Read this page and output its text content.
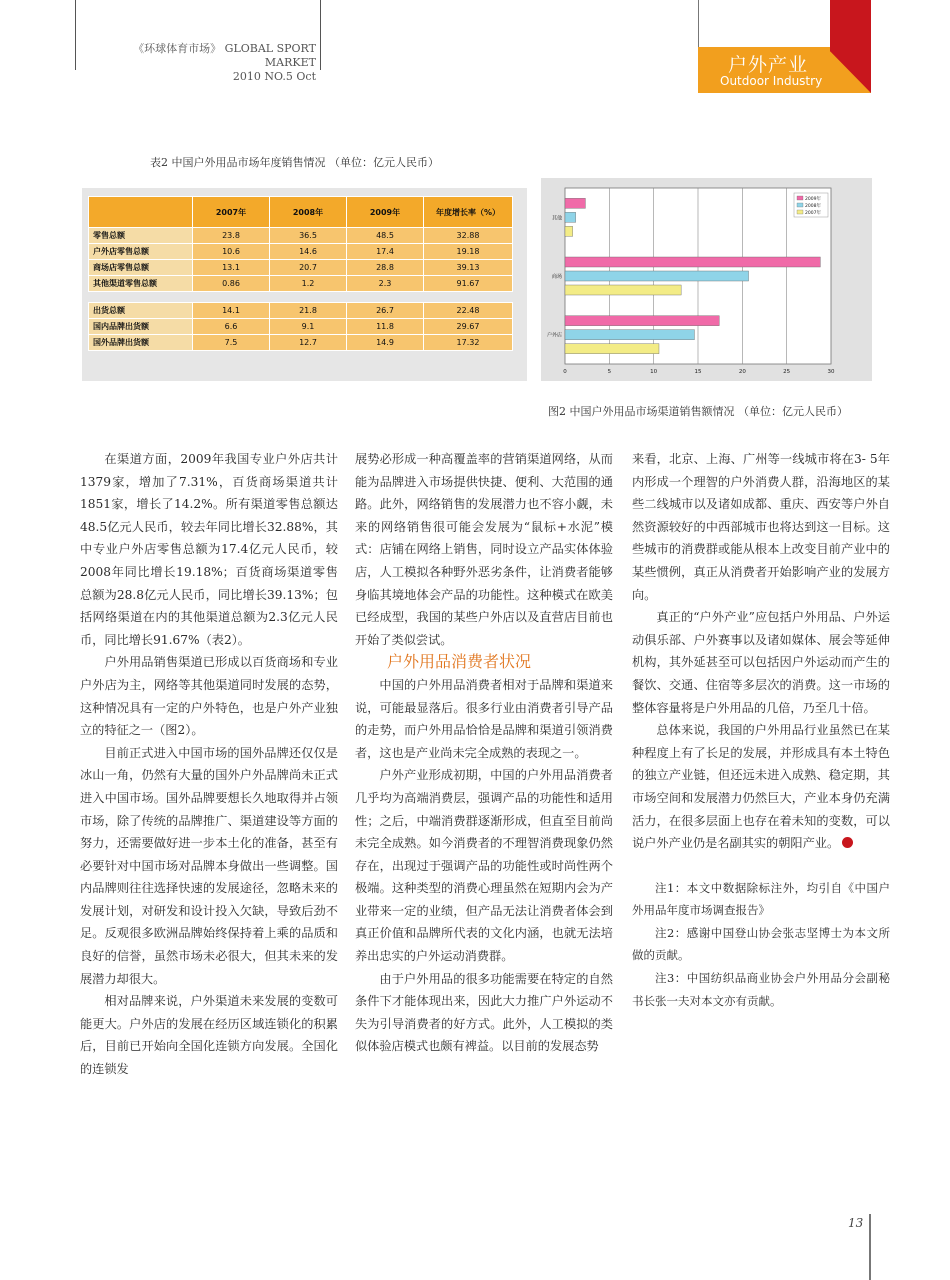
《环球体育市场》 GLOBAL SPORT MARKET
2010 NO.5 Oct
户外产业
Outdoor Industry
表2 中国户外用品市场年度销售情况 （单位：亿元人民币）
	2007年	2008年	2009年	年度增长率（%）
零售总额	23.8	36.5	48.5	32.88
户外店零售总额	10.6	14.6	17.4	19.18
商场店零售总额	13.1	20.7	28.8	39.13
其他渠道零售总额	0.86	1.2	2.3	91.67

出货总额	14.1	21.8	26.7	22.48
国内品牌出货额	6.6	9.1	11.8	29.67
国外品牌出货额	7.5	12.7	14.9	17.32
0	5	10	15	20	25	30
其他
商场
户外店
2009年
2008年
2007年
图2 中国户外用品市场渠道销售额情况 （单位：亿元人民币）

在渠道方面，2009年我国专业户外店共计1379家，增加了7.31%，百货商场渠道共计1851家，增长了14.2%。所有渠道零售总额达48.5亿元人民币，较去年同比增长32.88%，其中专业户外店零售总额为17.4亿元人民币，较2008年同比增长19.18%；百货商场渠道零售总额为28.8亿元人民币，同比增长39.13%；包括网络渠道在内的其他渠道总额为2.3亿元人民币，同比增长91.67%（表2）。

户外用品销售渠道已形成以百货商场和专业户外店为主，网络等其他渠道同时发展的态势，这种情况具有一定的户外特色，也是户外产业独立的特征之一（图2）。

目前正式进入中国市场的国外品牌还仅仅是冰山一角，仍然有大量的国外户外品牌尚未正式进入中国市场。国外品牌要想长久地取得并占领市场，除了传统的品牌推广、渠道建设等方面的努力，还需要做好进一步本土化的准备，甚至有必要针对中国市场对品牌本身做出一些调整。国内品牌则往往选择快速的发展途径，忽略未来的发展计划，对研发和设计投入欠缺，导致后劲不足。反观很多欧洲品牌始终保持着上乘的品质和良好的信誉，虽然市场未必很大，但其未来的发展潜力却很大。

相对品牌来说，户外渠道未来发展的变数可能更大。户外店的发展在经历区域连锁化的积累后，目前已开始向全国化连锁方向发展。全国化的连锁发

展势必形成一种高覆盖率的营销渠道网络，从而能为品牌进入市场提供快捷、便利、大范围的通路。此外，网络销售的发展潜力也不容小觑，未来的网络销售很可能会发展为“鼠标+水泥”模式：店铺在网络上销售，同时设立产品实体体验店，人工模拟各种野外恶劣条件，让消费者能够身临其境地体会产品的功能性。这种模式在欧美已经成型，我国的某些户外店以及直营店目前也开始了类似尝试。

户外用品消费者状况

中国的户外用品消费者相对于品牌和渠道来说，可能最显落后。很多行业由消费者引导产品的走势，而户外用品恰恰是品牌和渠道引领消费者，这也是产业尚未完全成熟的表现之一。

户外产业形成初期，中国的户外用品消费者几乎均为高端消费层，强调产品的功能性和适用性；之后，中端消费群逐渐形成，但直至目前尚未完全成熟。如今消费者的不理智消费现象仍然存在，出现过于强调产品的功能性或时尚性两个极端。这种类型的消费心理虽然在短期内会为产业带来一定的业绩，但产品无法让消费者体会到真正价值和品牌所代表的文化内涵，也就无法培养出忠实的户外运动消费群。

由于户外用品的很多功能需要在特定的自然条件下才能体现出来，因此大力推广户外运动不失为引导消费者的好方式。此外，人工模拟的类似体验店模式也颇有裨益。以目前的发展态势

来看，北京、上海、广州等一线城市将在3- 5年内形成一个理智的户外消费人群，沿海地区的某些二线城市以及诸如成都、重庆、西安等户外自然资源较好的中西部城市也将达到这一目标。这些城市的消费群或能从根本上改变目前产业中的某些惯例，真正从消费者开始影响产业的发展方向。

真正的“户外产业”应包括户外用品、户外运动俱乐部、户外赛事以及诸如媒体、展会等延伸机构，其外延甚至可以包括因户外运动而产生的餐饮、交通、住宿等多层次的消费。这一市场的整体容量将是户外用品的几倍，乃至几十倍。

总体来说，我国的户外用品行业虽然已在某种程度上有了长足的发展，并形成具有本土特色的独立产业链，但还远未进入成熟、稳定期，其市场空间和发展潜力仍然巨大，产业本身仍充满活力，在很多层面上也存在着未知的变数，可以说户外产业仍是名副其实的朝阳产业。

注1：本文中数据除标注外，均引自《中国户外用品年度市场调查报告》

注2：感谢中国登山协会张志坚博士为本文所做的贡献。

注3：中国纺织品商业协会户外用品分会副秘书长张一夫对本文亦有贡献。

13
